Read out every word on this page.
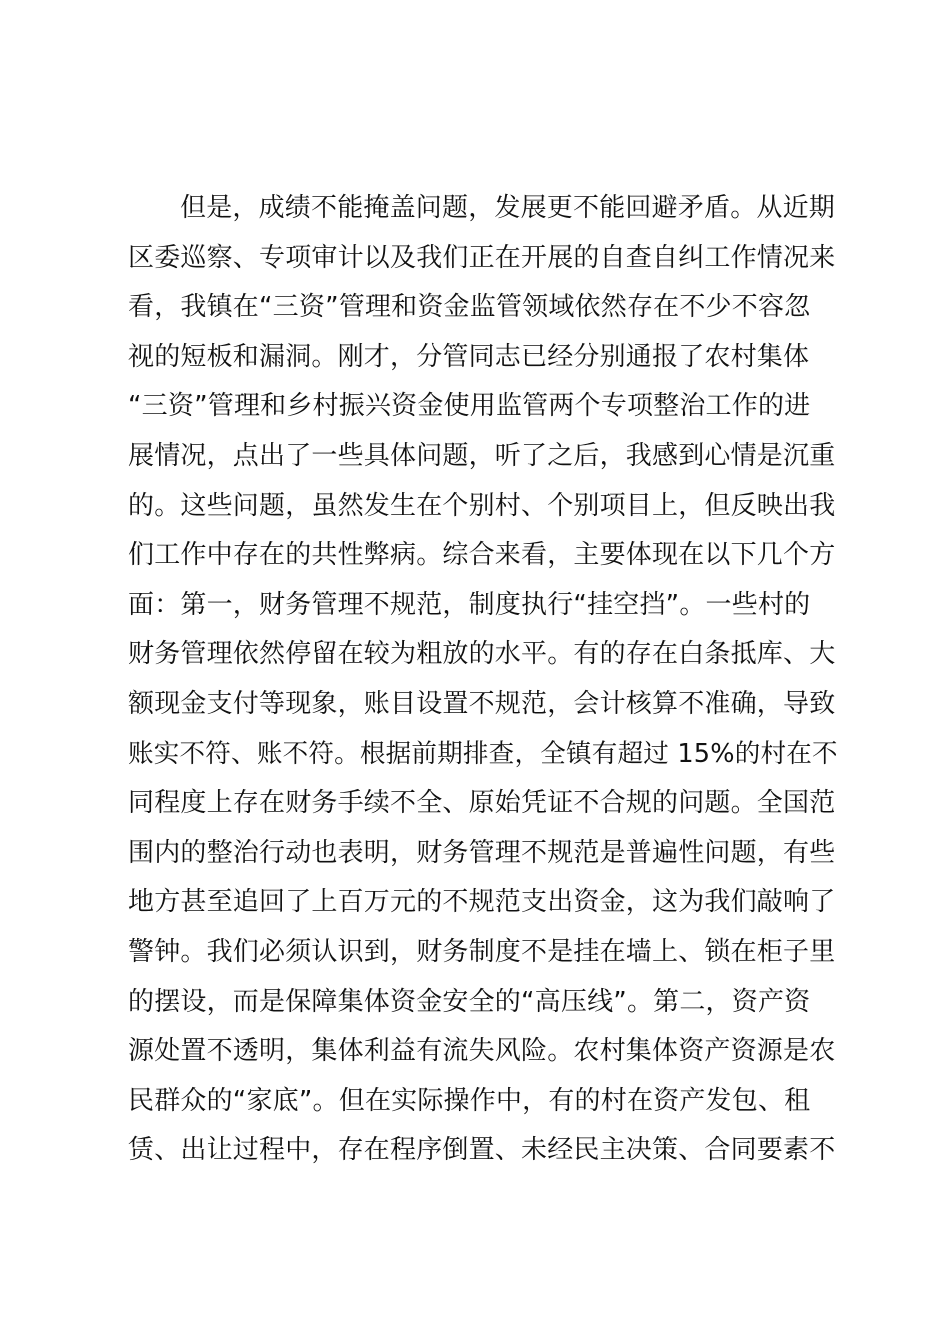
但是，成绩不能掩盖问题，发展更不能回避矛盾。从近期
区委巡察、专项审计以及我们正在开展的自查自纠工作情况来
看，我镇在“三资”管理和资金监管领域依然存在不少不容忽
视的短板和漏洞。刚才，分管同志已经分别通报了农村集体
“三资”管理和乡村振兴资金使用监管两个专项整治工作的进
展情况，点出了一些具体问题，听了之后，我感到心情是沉重
的。这些问题，虽然发生在个别村、个别项目上，但反映出我
们工作中存在的共性弊病。综合来看，主要体现在以下几个方
面：第一，财务管理不规范，制度执行“挂空挡”。一些村的
财务管理依然停留在较为粗放的水平。有的存在白条抵库、大
额现金支付等现象，账目设置不规范，会计核算不准确，导致
账实不符、账不符。根据前期排查，全镇有超过 15%的村在不
同程度上存在财务手续不全、原始凭证不合规的问题。全国范
围内的整治行动也表明，财务管理不规范是普遍性问题，有些
地方甚至追回了上百万元的不规范支出资金，这为我们敲响了
警钟。我们必须认识到，财务制度不是挂在墙上、锁在柜子里
的摆设，而是保障集体资金安全的“高压线”。第二，资产资
源处置不透明，集体利益有流失风险。农村集体资产资源是农
民群众的“家底”。但在实际操作中，有的村在资产发包、租
赁、出让过程中，存在程序倒置、未经民主决策、合同要素不
